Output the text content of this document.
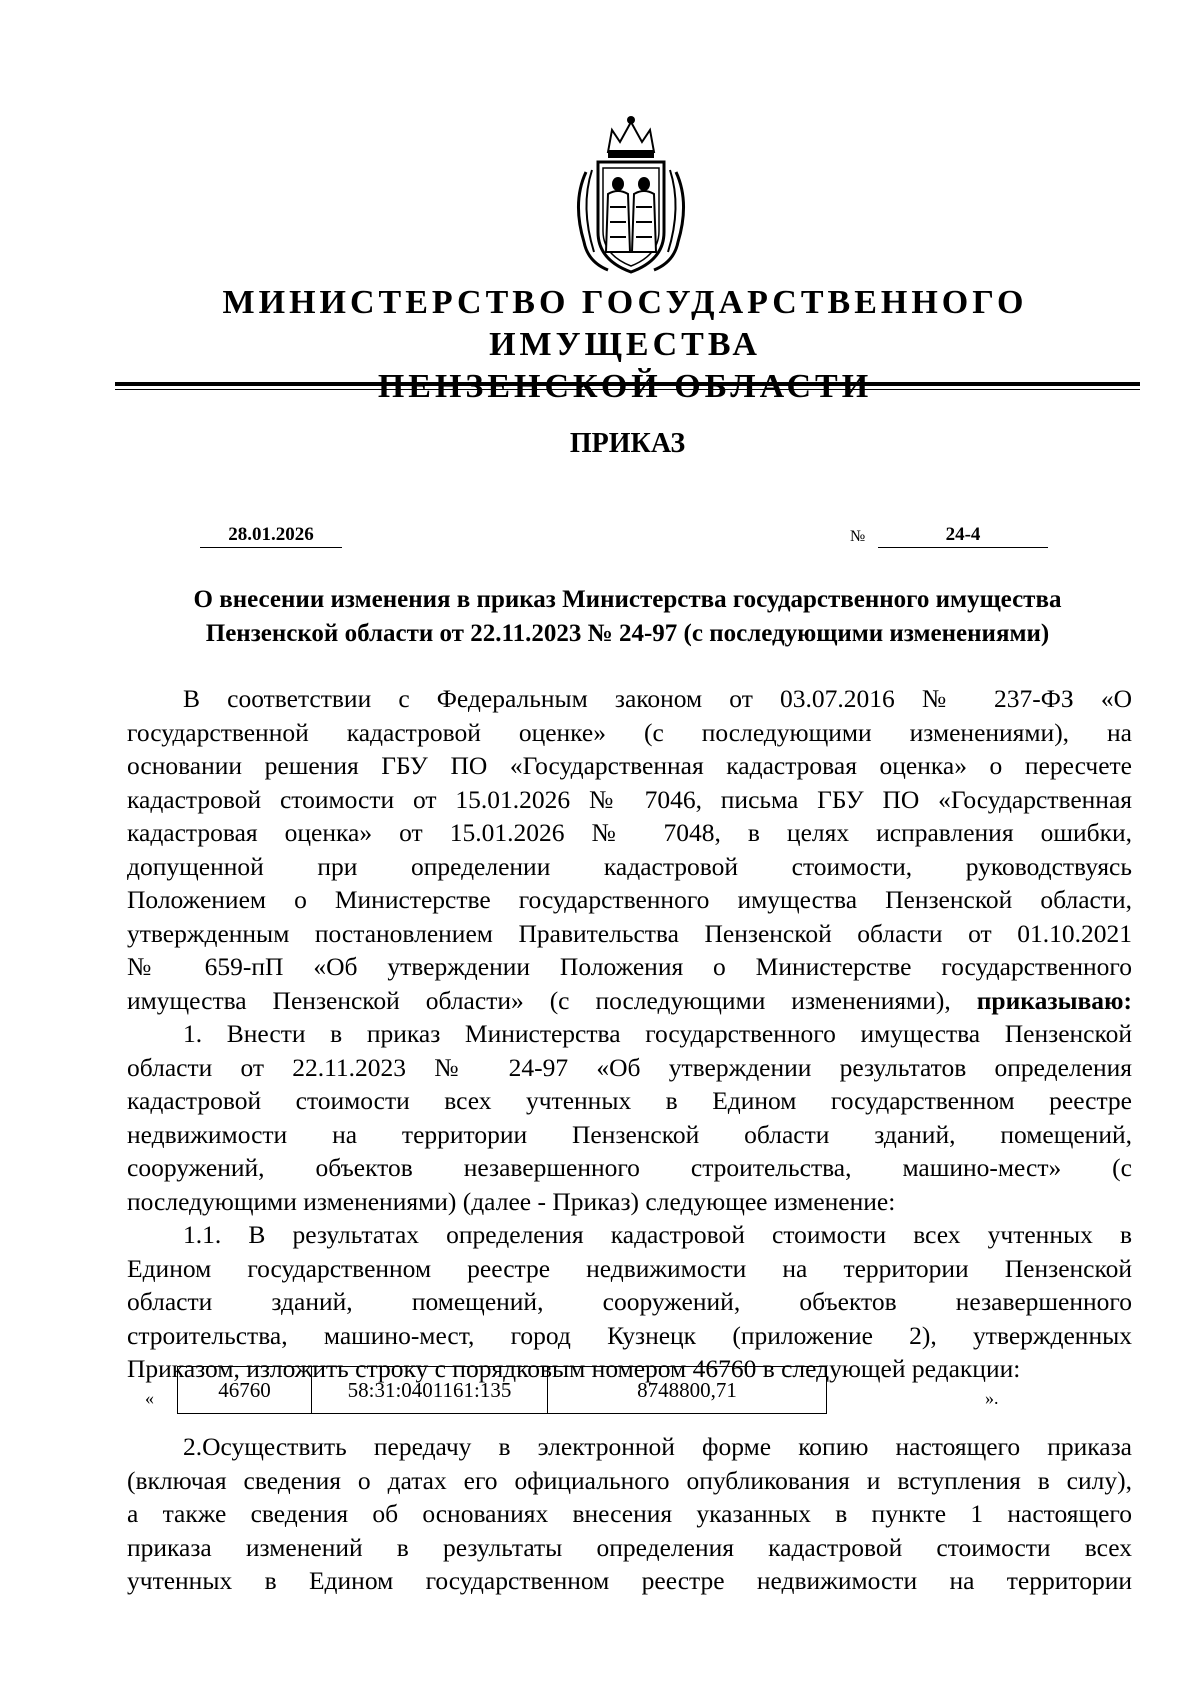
МИНИСТЕРСТВО ГОСУДАРСТВЕННОГО ИМУЩЕСТВА
ПЕНЗЕНСКОЙ ОБЛАСТИ
ПРИКАЗ
28.01.2026	№	24-4
О внесении изменения в приказ Министерства государственного имущества
Пензенской области от 22.11.2023 № 24-97 (с последующими изменениями)
В соответствии с Федеральным законом от 03.07.2016 № 237-ФЗ «О
государственной кадастровой оценке» (с последующими изменениями), на
основании решения ГБУ ПО «Государственная кадастровая оценка» о пересчете
кадастровой стоимости от 15.01.2026 № 7046, письма ГБУ ПО «Государственная
кадастровая оценка» от 15.01.2026 № 7048, в целях исправления ошибки,
допущенной при определении кадастровой стоимости, руководствуясь
Положением о Министерстве государственного имущества Пензенской области,
утвержденным постановлением Правительства Пензенской области от 01.10.2021
№ 659-пП «Об утверждении Положения о Министерстве государственного
имущества Пензенской области» (с последующими изменениями), приказываю:
1. Внести в приказ Министерства государственного имущества Пензенской
области от 22.11.2023 № 24-97 «Об утверждении результатов определения
кадастровой стоимости всех учтенных в Едином государственном реестре
недвижимости на территории Пензенской области зданий, помещений,
сооружений, объектов незавершенного строительства, машино-мест» (с
последующими изменениями) (далее - Приказ) следующее изменение:
1.1. В результатах определения кадастровой стоимости всех учтенных в
Едином государственном реестре недвижимости на территории Пензенской
области зданий, помещений, сооружений, объектов незавершенного
строительства, машино-мест, город Кузнецк (приложение 2), утвержденных
Приказом, изложить строку с порядковым номером 46760 в следующей редакции:
«	46760	58:31:0401161:135	8748800,71	».
2.Осуществить передачу в электронной форме копию настоящего приказа
(включая сведения о датах его официального опубликования и вступления в силу),
а также сведения об основаниях внесения указанных в пункте 1 настоящего
приказа изменений в результаты определения кадастровой стоимости всех
учтенных в Едином государственном реестре недвижимости на территории
